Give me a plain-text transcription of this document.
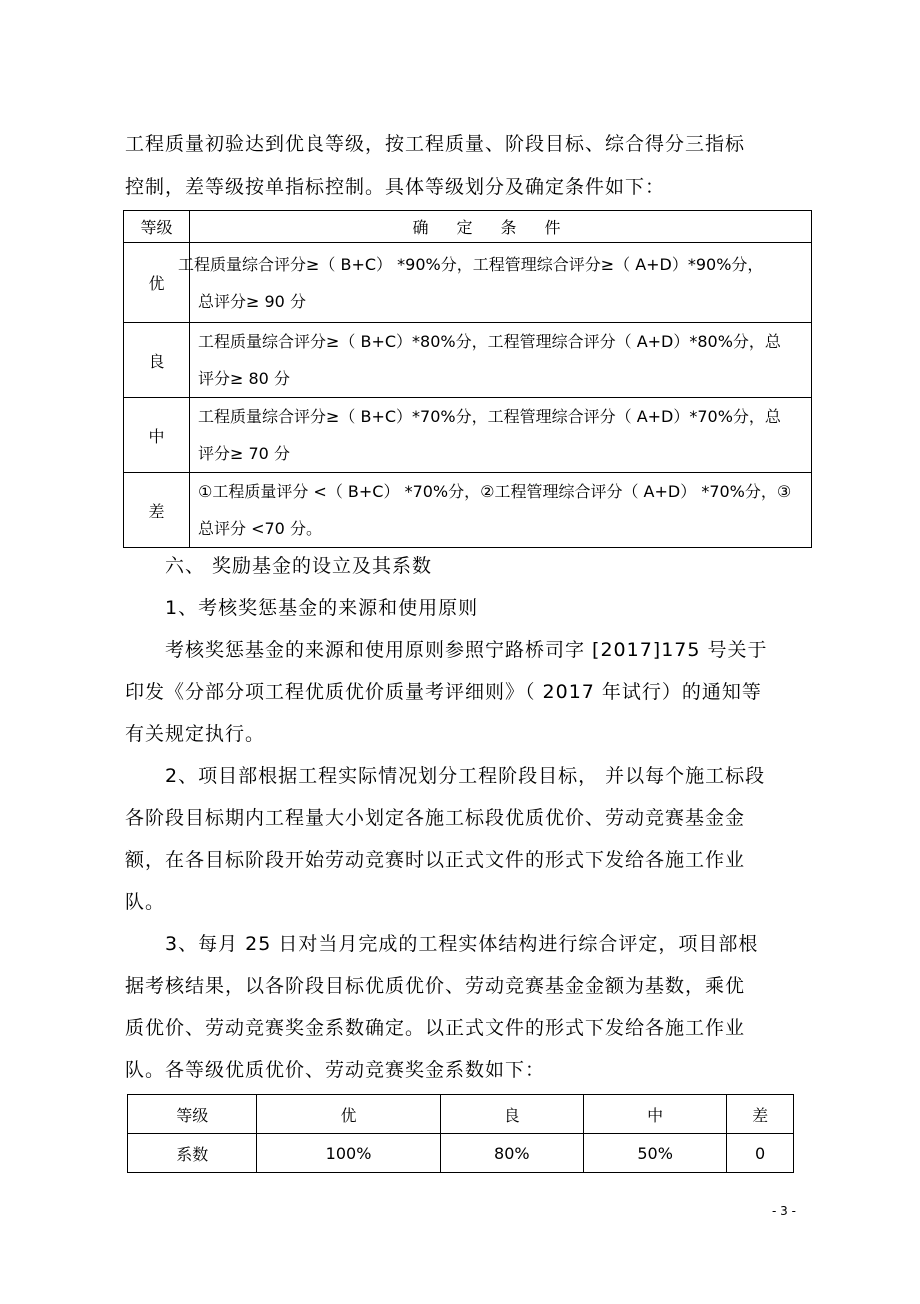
工程质量初验达到优良等级，按工程质量、阶段目标、综合得分三指标
控制，差等级按单指标控制。具体等级划分及确定条件如下：
等级	确定条件
优	工程质量综合评分≥（ B+C） *90%分，工程管理综合评分≥（ A+D）*90%分，
总评分≥ 90 分

良	工程质量综合评分≥（ B+C）*80%分，工程管理综合评分（ A+D）*80%分，总
评分≥ 80 分

中	工程质量综合评分≥（ B+C）*70%分，工程管理综合评分（ A+D）*70%分，总
评分≥ 70 分

差	①工程质量评分 <（ B+C） *70%分，②工程管理综合评分（ A+D） *70%分，③
总评分 <70 分。
六、 奖励基金的设立及其系数
1、考核奖惩基金的来源和使用原则
考核奖惩基金的来源和使用原则参照宁路桥司字 [2017]175 号关于
印发《分部分项工程优质优价质量考评细则》（ 2017 年试行）的通知等
有关规定执行。
2、项目部根据工程实际情况划分工程阶段目标， 并以每个施工标段
各阶段目标期内工程量大小划定各施工标段优质优价、劳动竞赛基金金
额，在各目标阶段开始劳动竞赛时以正式文件的形式下发给各施工作业
队。
3、每月 25 日对当月完成的工程实体结构进行综合评定，项目部根
据考核结果，以各阶段目标优质优价、劳动竞赛基金金额为基数，乘优
质优价、劳动竞赛奖金系数确定。以正式文件的形式下发给各施工作业
队。各等级优质优价、劳动竞赛奖金系数如下：
等级	优	良	中	差
系数	100%	80%	50%	0
- 3 -
